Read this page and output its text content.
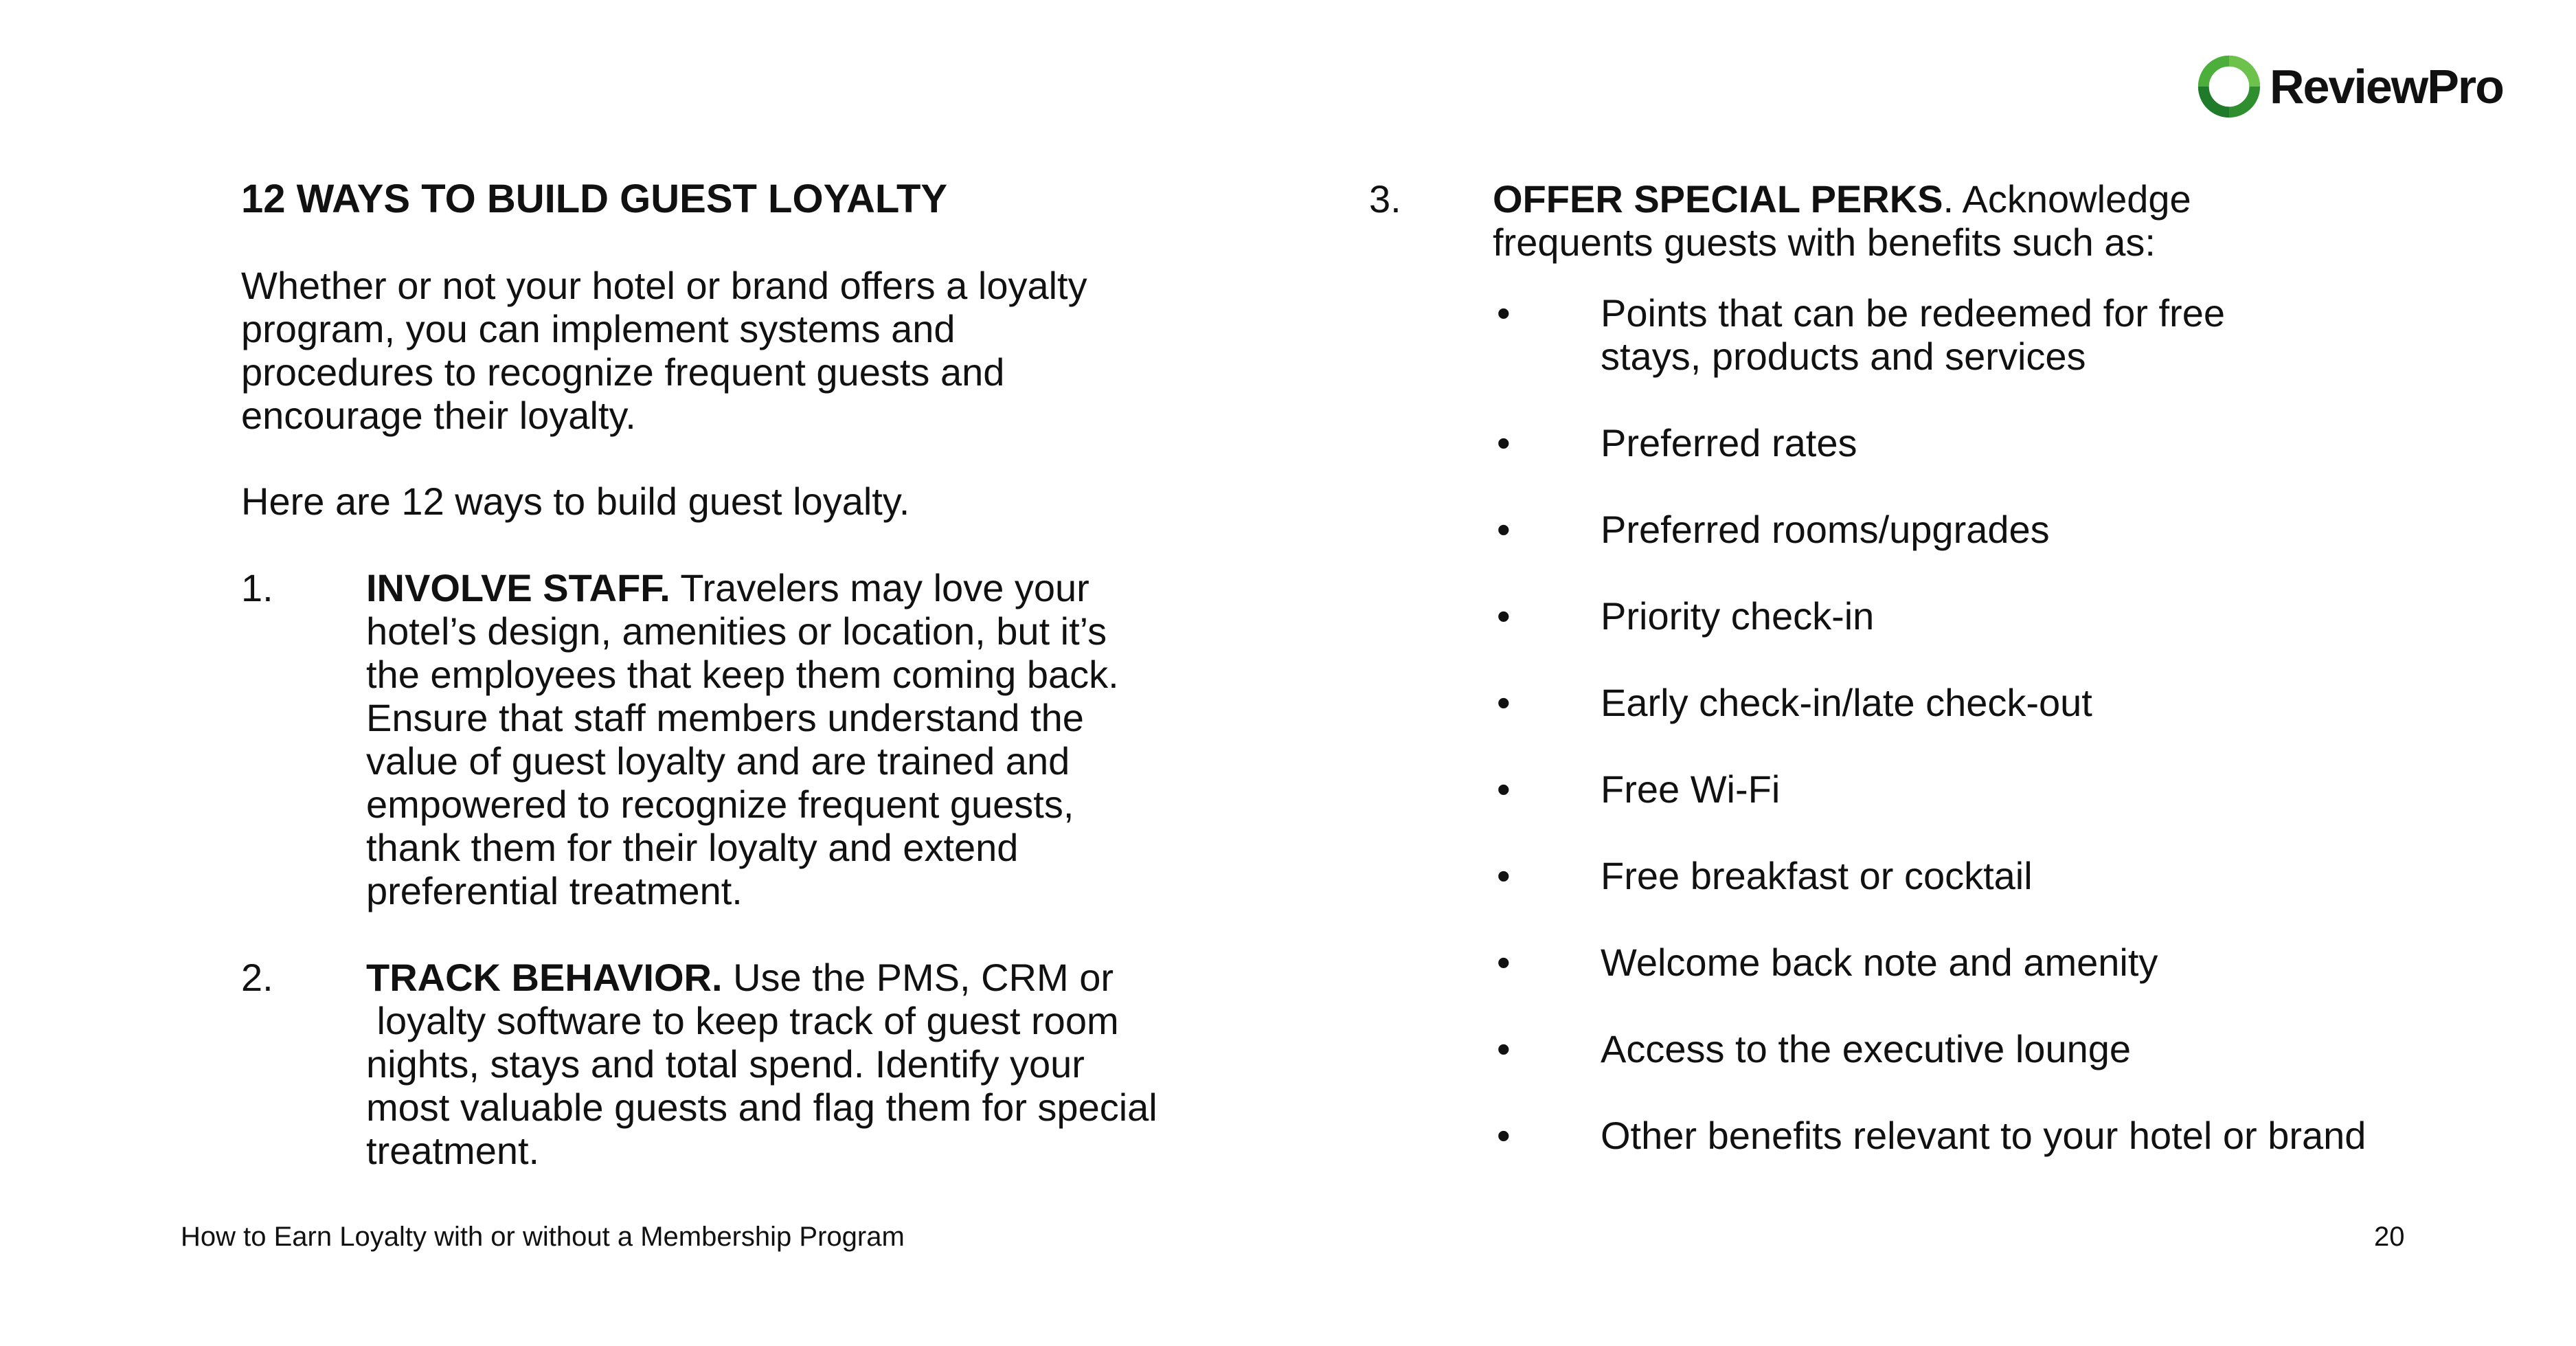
ReviewPro
12 WAYS TO BUILD GUEST LOYALTY
Whether or not your hotel or brand offers a loyalty
program, you can implement systems and
procedures to recognize frequent guests and
encourage their loyalty.
Here are 12 ways to build guest loyalty.
1. INVOLVE STAFF. Travelers may love your
hotel’s design, amenities or location, but it’s
the employees that keep them coming back.
Ensure that staff members understand the
value of guest loyalty and are trained and
empowered to recognize frequent guests,
thank them for their loyalty and extend
preferential treatment.
2. TRACK BEHAVIOR. Use the PMS, CRM or
loyalty software to keep track of guest room
nights, stays and total spend. Identify your
most valuable guests and flag them for special
treatment.
3. OFFER SPECIAL PERKS. Acknowledge
frequents guests with benefits such as:
• Points that can be redeemed for free
stays, products and services
• Preferred rates
• Preferred rooms/upgrades
• Priority check-in
• Early check-in/late check-out
• Free Wi-Fi
• Free breakfast or cocktail
• Welcome back note and amenity
• Access to the executive lounge
• Other benefits relevant to your hotel or brand
How to Earn Loyalty with or without a Membership Program	20
